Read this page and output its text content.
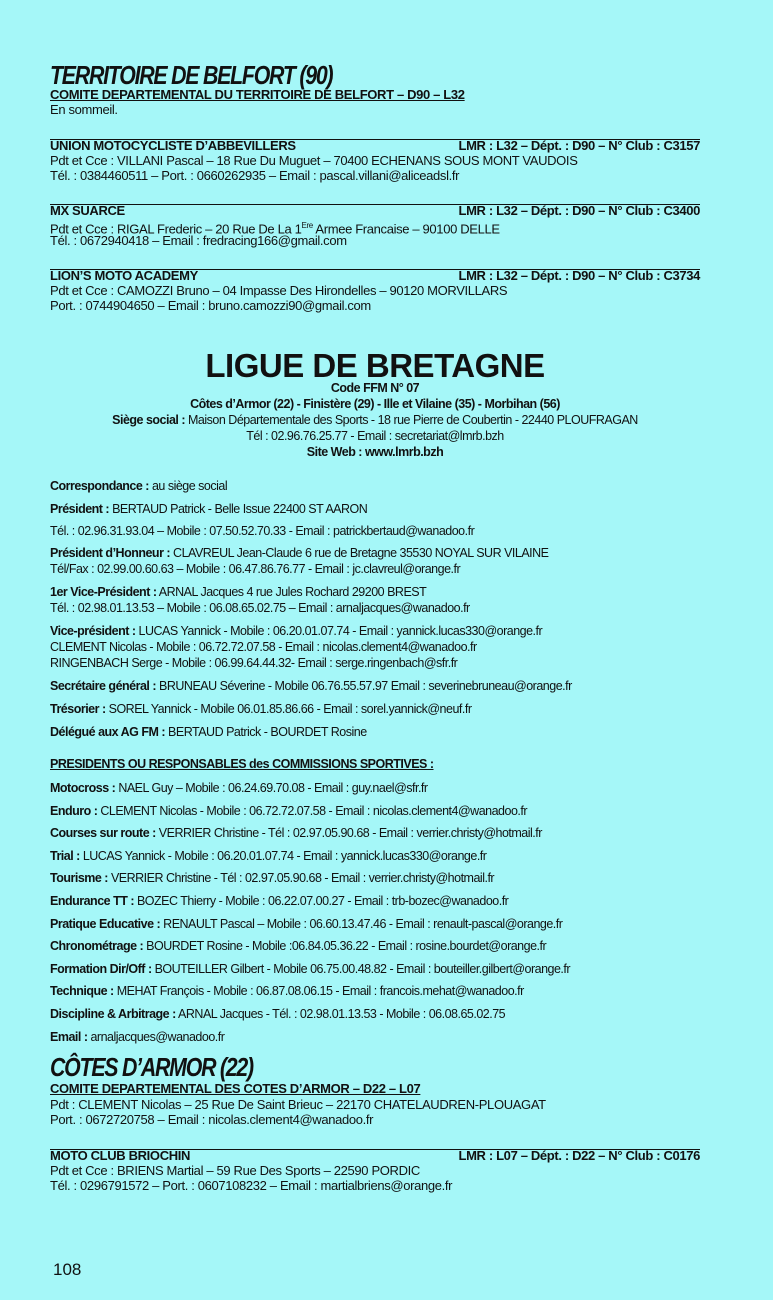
TERRITOIRE DE BELFORT (90)
COMITE DEPARTEMENTAL DU TERRITOIRE DE BELFORT – D90 – L32
En sommeil.
UNION MOTOCYCLISTE D’ABBEVILLERS	LMR : L32 – Dépt. : D90 – N° Club : C3157
Pdt et Cce : VILLANI Pascal – 18 Rue Du Muguet – 70400 ECHENANS SOUS MONT VAUDOIS
Tél. : 0384460511 – Port. : 0660262935 – Email : pascal.villani@aliceadsl.fr
MX SUARCE	LMR : L32 – Dépt. : D90 – N° Club : C3400
Pdt et Cce : RIGAL Frederic – 20 Rue De La 1Ere Armee Francaise – 90100 DELLE
Tél. : 0672940418 – Email : fredracing166@gmail.com
LION’S MOTO ACADEMY	LMR : L32 – Dépt. : D90 – N° Club : C3734
Pdt et Cce : CAMOZZI Bruno – 04 Impasse Des Hirondelles – 90120 MORVILLARS
Port. : 0744904650 – Email : bruno.camozzi90@gmail.com
LIGUE DE BRETAGNE
Code FFM N° 07
Côtes d’Armor (22) - Finistère (29) - Ille et Vilaine (35) - Morbihan (56)
Siège social : Maison Départementale des Sports - 18 rue Pierre de Coubertin - 22440 PLOUFRAGAN
Tél : 02.96.76.25.77 - Email : secretariat@lmrb.bzh
Site Web : www.lmrb.bzh
Correspondance : au siège social
Président : BERTAUD Patrick - Belle Issue 22400 ST AARON
Tél. : 02.96.31.93.04 – Mobile : 07.50.52.70.33 - Email : patrickbertaud@wanadoo.fr
Président d’Honneur : CLAVREUL Jean-Claude 6 rue de Bretagne 35530 NOYAL SUR VILAINE
Tél/Fax : 02.99.00.60.63 – Mobile : 06.47.86.76.77 - Email : jc.clavreul@orange.fr
1er Vice-Président : ARNAL Jacques 4 rue Jules Rochard 29200 BREST
Tél. : 02.98.01.13.53 – Mobile : 06.08.65.02.75 – Email : arnaljacques@wanadoo.fr
Vice-président : LUCAS Yannick - Mobile : 06.20.01.07.74 - Email : yannick.lucas330@orange.fr
CLEMENT Nicolas - Mobile : 06.72.72.07.58 - Email : nicolas.clement4@wanadoo.fr
RINGENBACH Serge - Mobile : 06.99.64.44.32- Email : serge.ringenbach@sfr.fr
Secrétaire général : BRUNEAU Séverine - Mobile 06.76.55.57.97 Email : severinebruneau@orange.fr
Trésorier : SOREL Yannick - Mobile 06.01.85.86.66 - Email : sorel.yannick@neuf.fr
Délégué aux AG FM : BERTAUD Patrick - BOURDET Rosine
PRESIDENTS OU RESPONSABLES des COMMISSIONS SPORTIVES :
Motocross : NAEL Guy – Mobile : 06.24.69.70.08 - Email : guy.nael@sfr.fr
Enduro : CLEMENT Nicolas - Mobile : 06.72.72.07.58 - Email : nicolas.clement4@wanadoo.fr
Courses sur route : VERRIER Christine - Tél : 02.97.05.90.68 - Email : verrier.christy@hotmail.fr
Trial : LUCAS Yannick - Mobile : 06.20.01.07.74 - Email : yannick.lucas330@orange.fr
Tourisme : VERRIER Christine - Tél : 02.97.05.90.68 - Email : verrier.christy@hotmail.fr
Endurance TT : BOZEC Thierry - Mobile : 06.22.07.00.27 - Email : trb-bozec@wanadoo.fr
Pratique Educative : RENAULT Pascal – Mobile : 06.60.13.47.46 - Email : renault-pascal@orange.fr
Chronométrage : BOURDET Rosine - Mobile :06.84.05.36.22 - Email : rosine.bourdet@orange.fr
Formation Dir/Off : BOUTEILLER Gilbert - Mobile 06.75.00.48.82 - Email : bouteiller.gilbert@orange.fr
Technique : MEHAT François - Mobile : 06.87.08.06.15 - Email : francois.mehat@wanadoo.fr
Discipline & Arbitrage : ARNAL Jacques - Tél. : 02.98.01.13.53 - Mobile : 06.08.65.02.75
Email : arnaljacques@wanadoo.fr
CÔTES D’ARMOR (22)
COMITE DEPARTEMENTAL DES COTES D’ARMOR – D22 – L07
Pdt : CLEMENT Nicolas – 25 Rue De Saint Brieuc – 22170 CHATELAUDREN-PLOUAGAT
Port. : 0672720758 – Email : nicolas.clement4@wanadoo.fr
MOTO CLUB BRIOCHIN	LMR : L07 – Dépt. : D22 – N° Club : C0176
Pdt et Cce : BRIENS Martial – 59 Rue Des Sports – 22590 PORDIC
Tél. : 0296791572 – Port. : 0607108232 – Email : martialbriens@orange.fr
108
